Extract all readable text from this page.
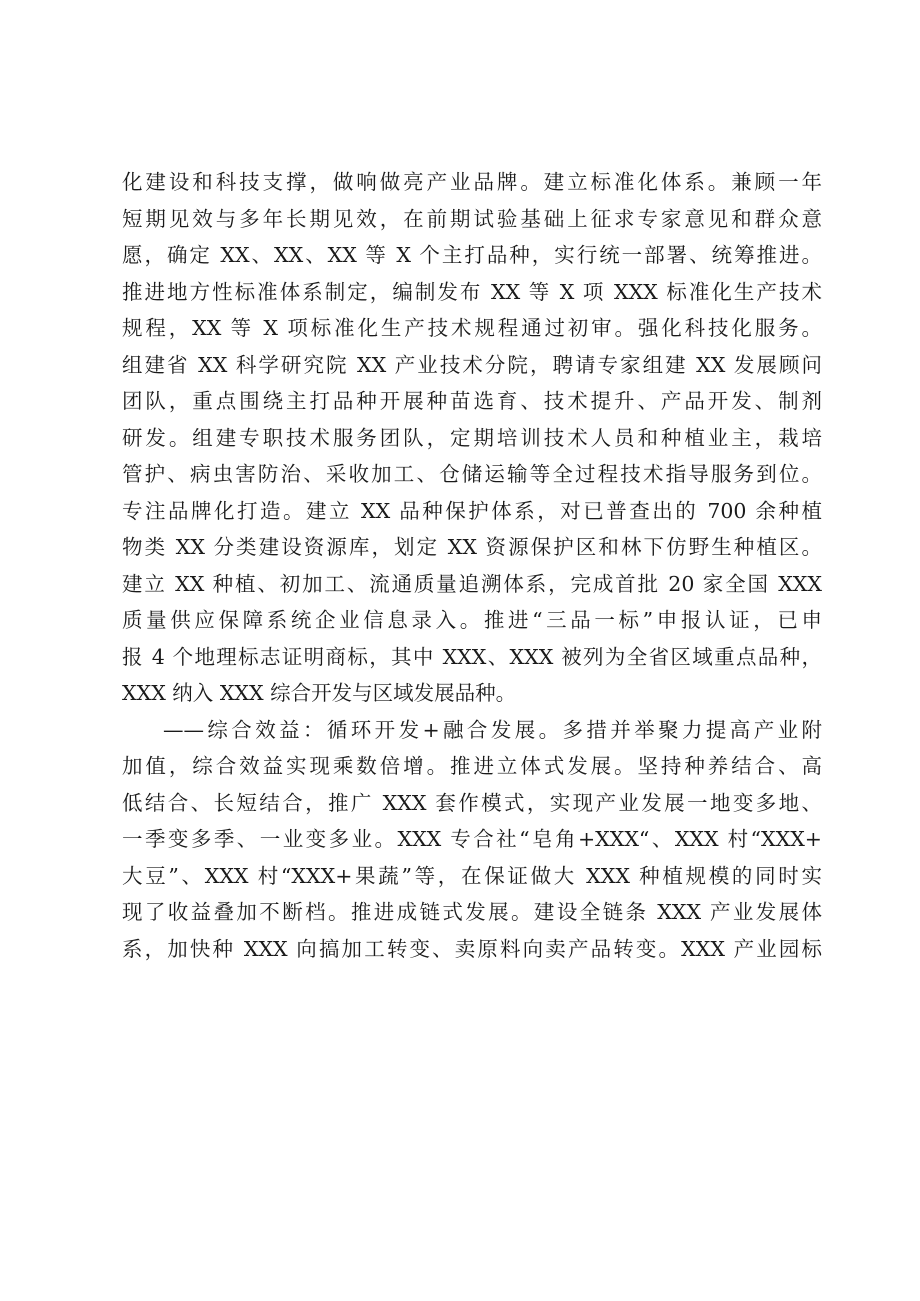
化建设和科技支撑，做响做亮产业品牌。建立标准化体系。兼顾一年
短期见效与多年长期见效，在前期试验基础上征求专家意见和群众意
愿，确定 XX、XX、XX 等 X 个主打品种，实行统一部署、统筹推进。
推进地方性标准体系制定，编制发布 XX 等 X 项 XXX 标准化生产技术
规程，XX 等 X 项标准化生产技术规程通过初审。强化科技化服务。
组建省 XX 科学研究院 XX 产业技术分院，聘请专家组建 XX 发展顾问
团队，重点围绕主打品种开展种苗选育、技术提升、产品开发、制剂
研发。组建专职技术服务团队，定期培训技术人员和种植业主，栽培
管护、病虫害防治、采收加工、仓储运输等全过程技术指导服务到位。
专注品牌化打造。建立 XX 品种保护体系，对已普查出的 700 余种植
物类 XX 分类建设资源库，划定 XX 资源保护区和林下仿野生种植区。
建立 XX 种植、初加工、流通质量追溯体系，完成首批 20 家全国 XXX
质量供应保障系统企业信息录入。推进“三品一标”申报认证，已申
报 4 个地理标志证明商标，其中 XXX、XXX 被列为全省区域重点品种，
XXX 纳入 XXX 综合开发与区域发展品种。
——综合效益：循环开发+融合发展。多措并举聚力提高产业附
加值，综合效益实现乘数倍增。推进立体式发展。坚持种养结合、高
低结合、长短结合，推广 XXX 套作模式，实现产业发展一地变多地、
一季变多季、一业变多业。XXX 专合社“皂角+XXX“、XXX 村“XXX+
大豆”、XXX 村“XXX+果蔬”等，在保证做大 XXX 种植规模的同时实
现了收益叠加不断档。推进成链式发展。建设全链条 XXX 产业发展体
系，加快种 XXX 向搞加工转变、卖原料向卖产品转变。XXX 产业园标
